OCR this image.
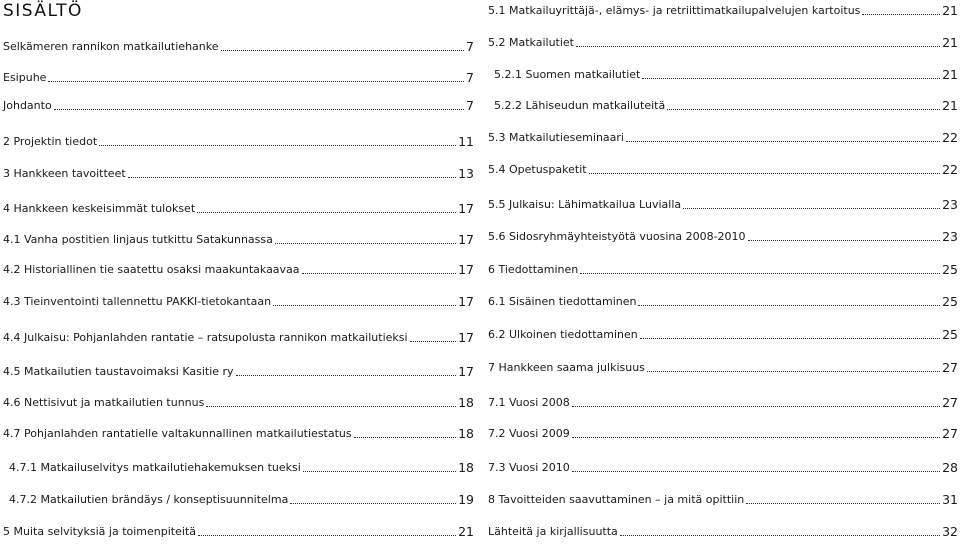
SISÄLTÖ
Selkämeren rannikon matkailutiehanke	7
Esipuhe	7
Johdanto	7
2 Projektin tiedot	11
3 Hankkeen tavoitteet	13
4 Hankkeen keskeisimmät tulokset	17
4.1 Vanha postitien linjaus tutkittu Satakunnassa	17
4.2 Historiallinen tie saatettu osaksi maakuntakaavaa	17
4.3 Tieinventointi tallennettu PAKKI-tietokantaan	17
4.4 Julkaisu: Pohjanlahden rantatie – ratsupolusta rannikon matkailutieksi	17
4.5 Matkailutien taustavoimaksi Kasitie ry	17
4.6 Nettisivut ja matkailutien tunnus	18
4.7 Pohjanlahden rantatielle valtakunnallinen matkailutiestatus	18
4.7.1 Matkailuselvitys matkailutiehakemuksen tueksi	18
4.7.2 Matkailutien brändäys / konseptisuunnitelma	19
5 Muita selvityksiä ja toimenpiteitä	21
5.1 Matkailuyrittäjä-, elämys- ja retriittimatkailupalvelujen kartoitus	21
5.2 Matkailutiet	21
5.2.1 Suomen matkailutiet	21
5.2.2 Lähiseudun matkailuteitä	21
5.3 Matkailutieseminaari	22
5.4 Opetuspaketit	22
5.5 Julkaisu: Lähimatkailua Luvialla	23
5.6 Sidosryhmäyhteistyötä vuosina 2008-2010	23
6 Tiedottaminen	25
6.1 Sisäinen tiedottaminen	25
6.2 Ulkoinen tiedottaminen	25
7 Hankkeen saama julkisuus	27
7.1 Vuosi 2008	27
7.2 Vuosi 2009	27
7.3 Vuosi 2010	28
8 Tavoitteiden saavuttaminen – ja mitä opittiin	31
Lähteitä ja kirjallisuutta	32
